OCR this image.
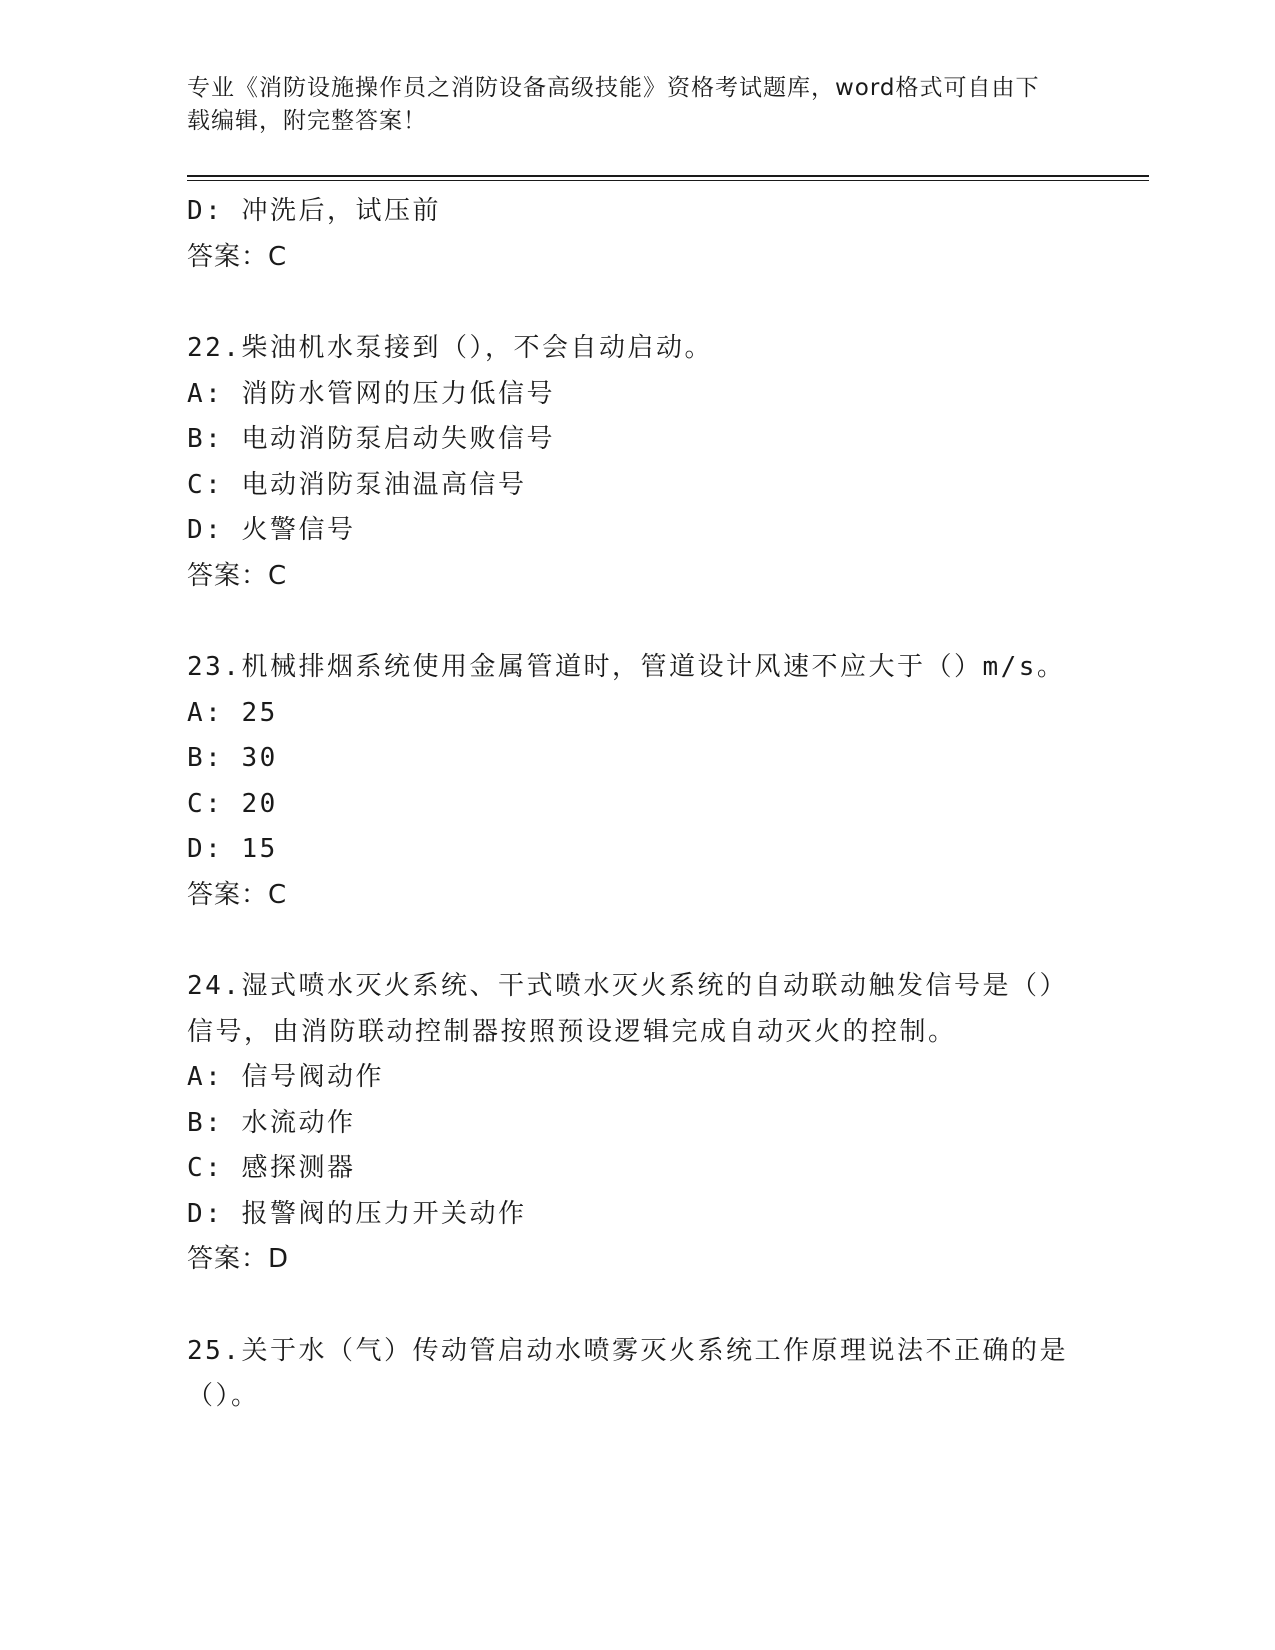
专业《消防设施操作员之消防设备高级技能》资格考试题库，word格式可自由下
载编辑，附完整答案！
D: 冲洗后，试压前
答案：C
22.柴油机水泵接到（），不会自动启动。
A: 消防水管网的压力低信号
B: 电动消防泵启动失败信号
C: 电动消防泵油温高信号
D: 火警信号
答案：C
23.机械排烟系统使用金属管道时，管道设计风速不应大于（）m/s。
A: 25
B: 30
C: 20
D: 15
答案：C
24.湿式喷水灭火系统、干式喷水灭火系统的自动联动触发信号是（）
信号，由消防联动控制器按照预设逻辑完成自动灭火的控制。
A: 信号阀动作
B: 水流动作
C: 感探测器
D: 报警阀的压力开关动作
答案：D
25.关于水（气）传动管启动水喷雾灭火系统工作原理说法不正确的是
（）。
